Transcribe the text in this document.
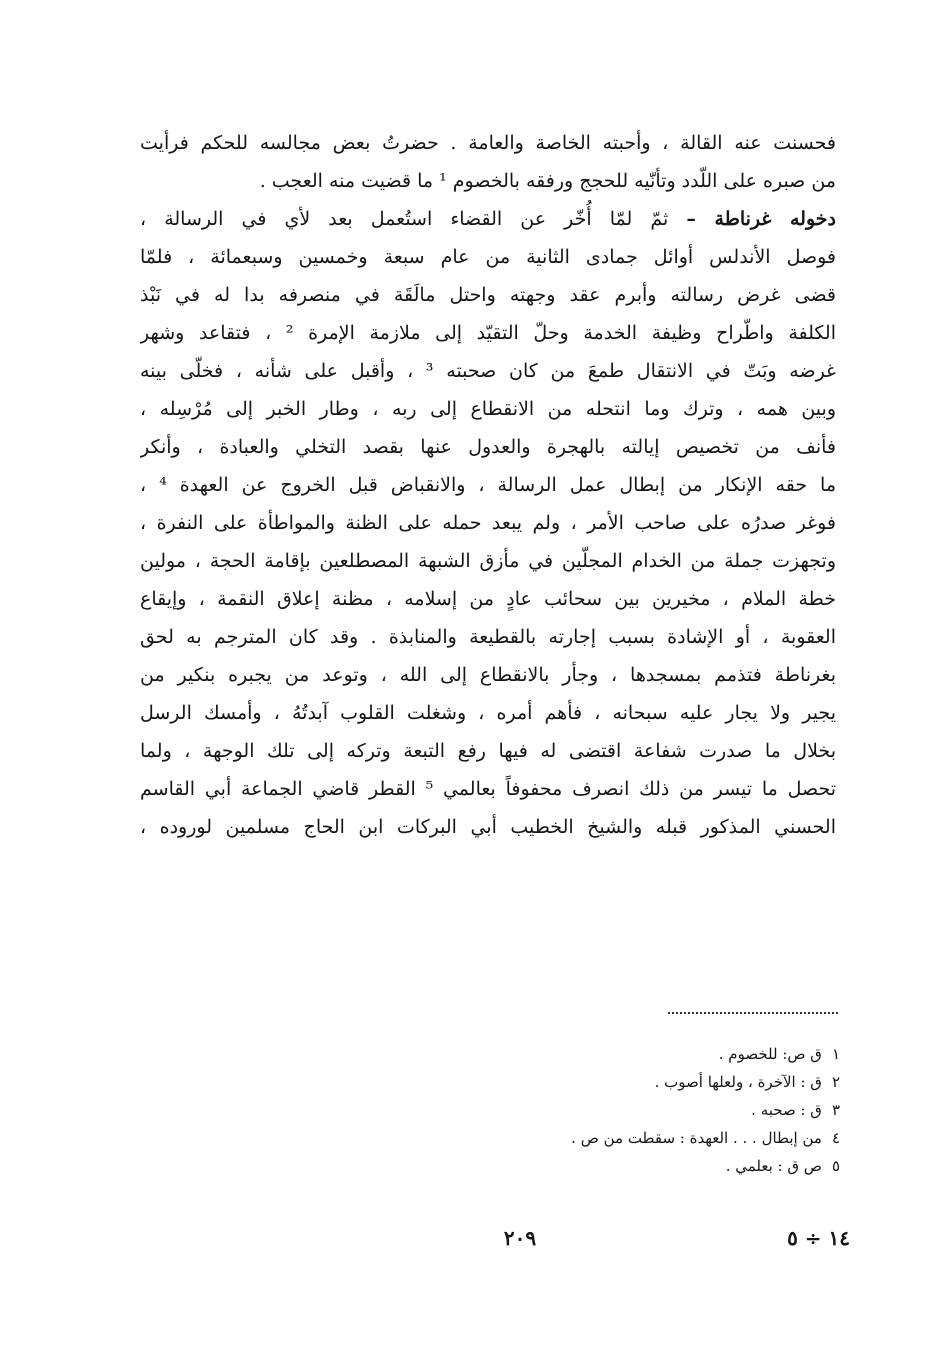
فحسنت عنه القالة ، وأحبته الخاصة والعامة . حضرتُ بعض مجالسه للحكم فرأيت
من صبره على اللّدد وتأنّيه للحجج ورفقه بالخصوم ¹ ما قضيت منه العجب .
دخوله غرناطة – ثمّ لمّا أُخّر عن القضاء استُعمل بعد لأي في الرسالة ،
فوصل الأندلس أوائل جمادى الثانية من عام سبعة وخمسين وسبعمائة ، فلمّا
قضى غرض رسالته وأبرم عقد وجهته واحتل مالَقَة في منصرفه بدا له في نَبْذ
الكلفة واطّراح وظيفة الخدمة وحلّ التقيّد إلى ملازمة الإمرة ² ، فتقاعد وشهر
غرضه وبَتّ في الانتقال طمعَ من كان صحبته ³ ، وأقبل على شأنه ، فخلّى بينه
وبين همه ، وترك وما انتحله من الانقطاع إلى ربه ، وطار الخبر إلى مُرْسِله ،
فأنف من تخصيص إيالته بالهجرة والعدول عنها بقصد التخلي والعبادة ، وأنكر
ما حقه الإنكار من إبطال عمل الرسالة ، والانقباض قبل الخروج عن العهدة ⁴ ،
فوغر صدرُه على صاحب الأمر ، ولم يبعد حمله على الظنة والمواطأة على النفرة ،
وتجهزت جملة من الخدام المجلّين في مأزق الشبهة المصطلعين بإقامة الحجة ، مولين
خطة الملام ، مخيرين بين سحائب عادٍ من إسلامه ، مظنة إعلاق النقمة ، وإيقاع
العقوبة ، أو الإشادة بسبب إجارته بالقطيعة والمنابذة . وقد كان المترجم به لحق
بغرناطة فتذمم بمسجدها ، وجأر بالانقطاع إلى الله ، وتوعد من يجبره بنكير من
يجير ولا يجار عليه سبحانه ، فأهم أمره ، وشغلت القلوب آبدتُهُ ، وأمسك الرسل
بخلال ما صدرت شفاعة اقتضى له فيها رفع التبعة وتركه إلى تلك الوجهة ، ولما
تحصل ما تيسر من ذلك انصرف محفوفاً بعالمي ⁵ القطر قاضي الجماعة أبي القاسم
الحسني المذكور قبله والشيخ الخطيب أبي البركات ابن الحاج مسلمين لوروده ،
١ق ص: للخصوم .
٢ق : الآخرة ، ولعلها أصوب .
٣ق : صحبه .
٤من إبطال . . . العهدة : سقطت من ص .
٥ص ق : بعلمي .
٢٠٩	١٤ ÷ ٥
